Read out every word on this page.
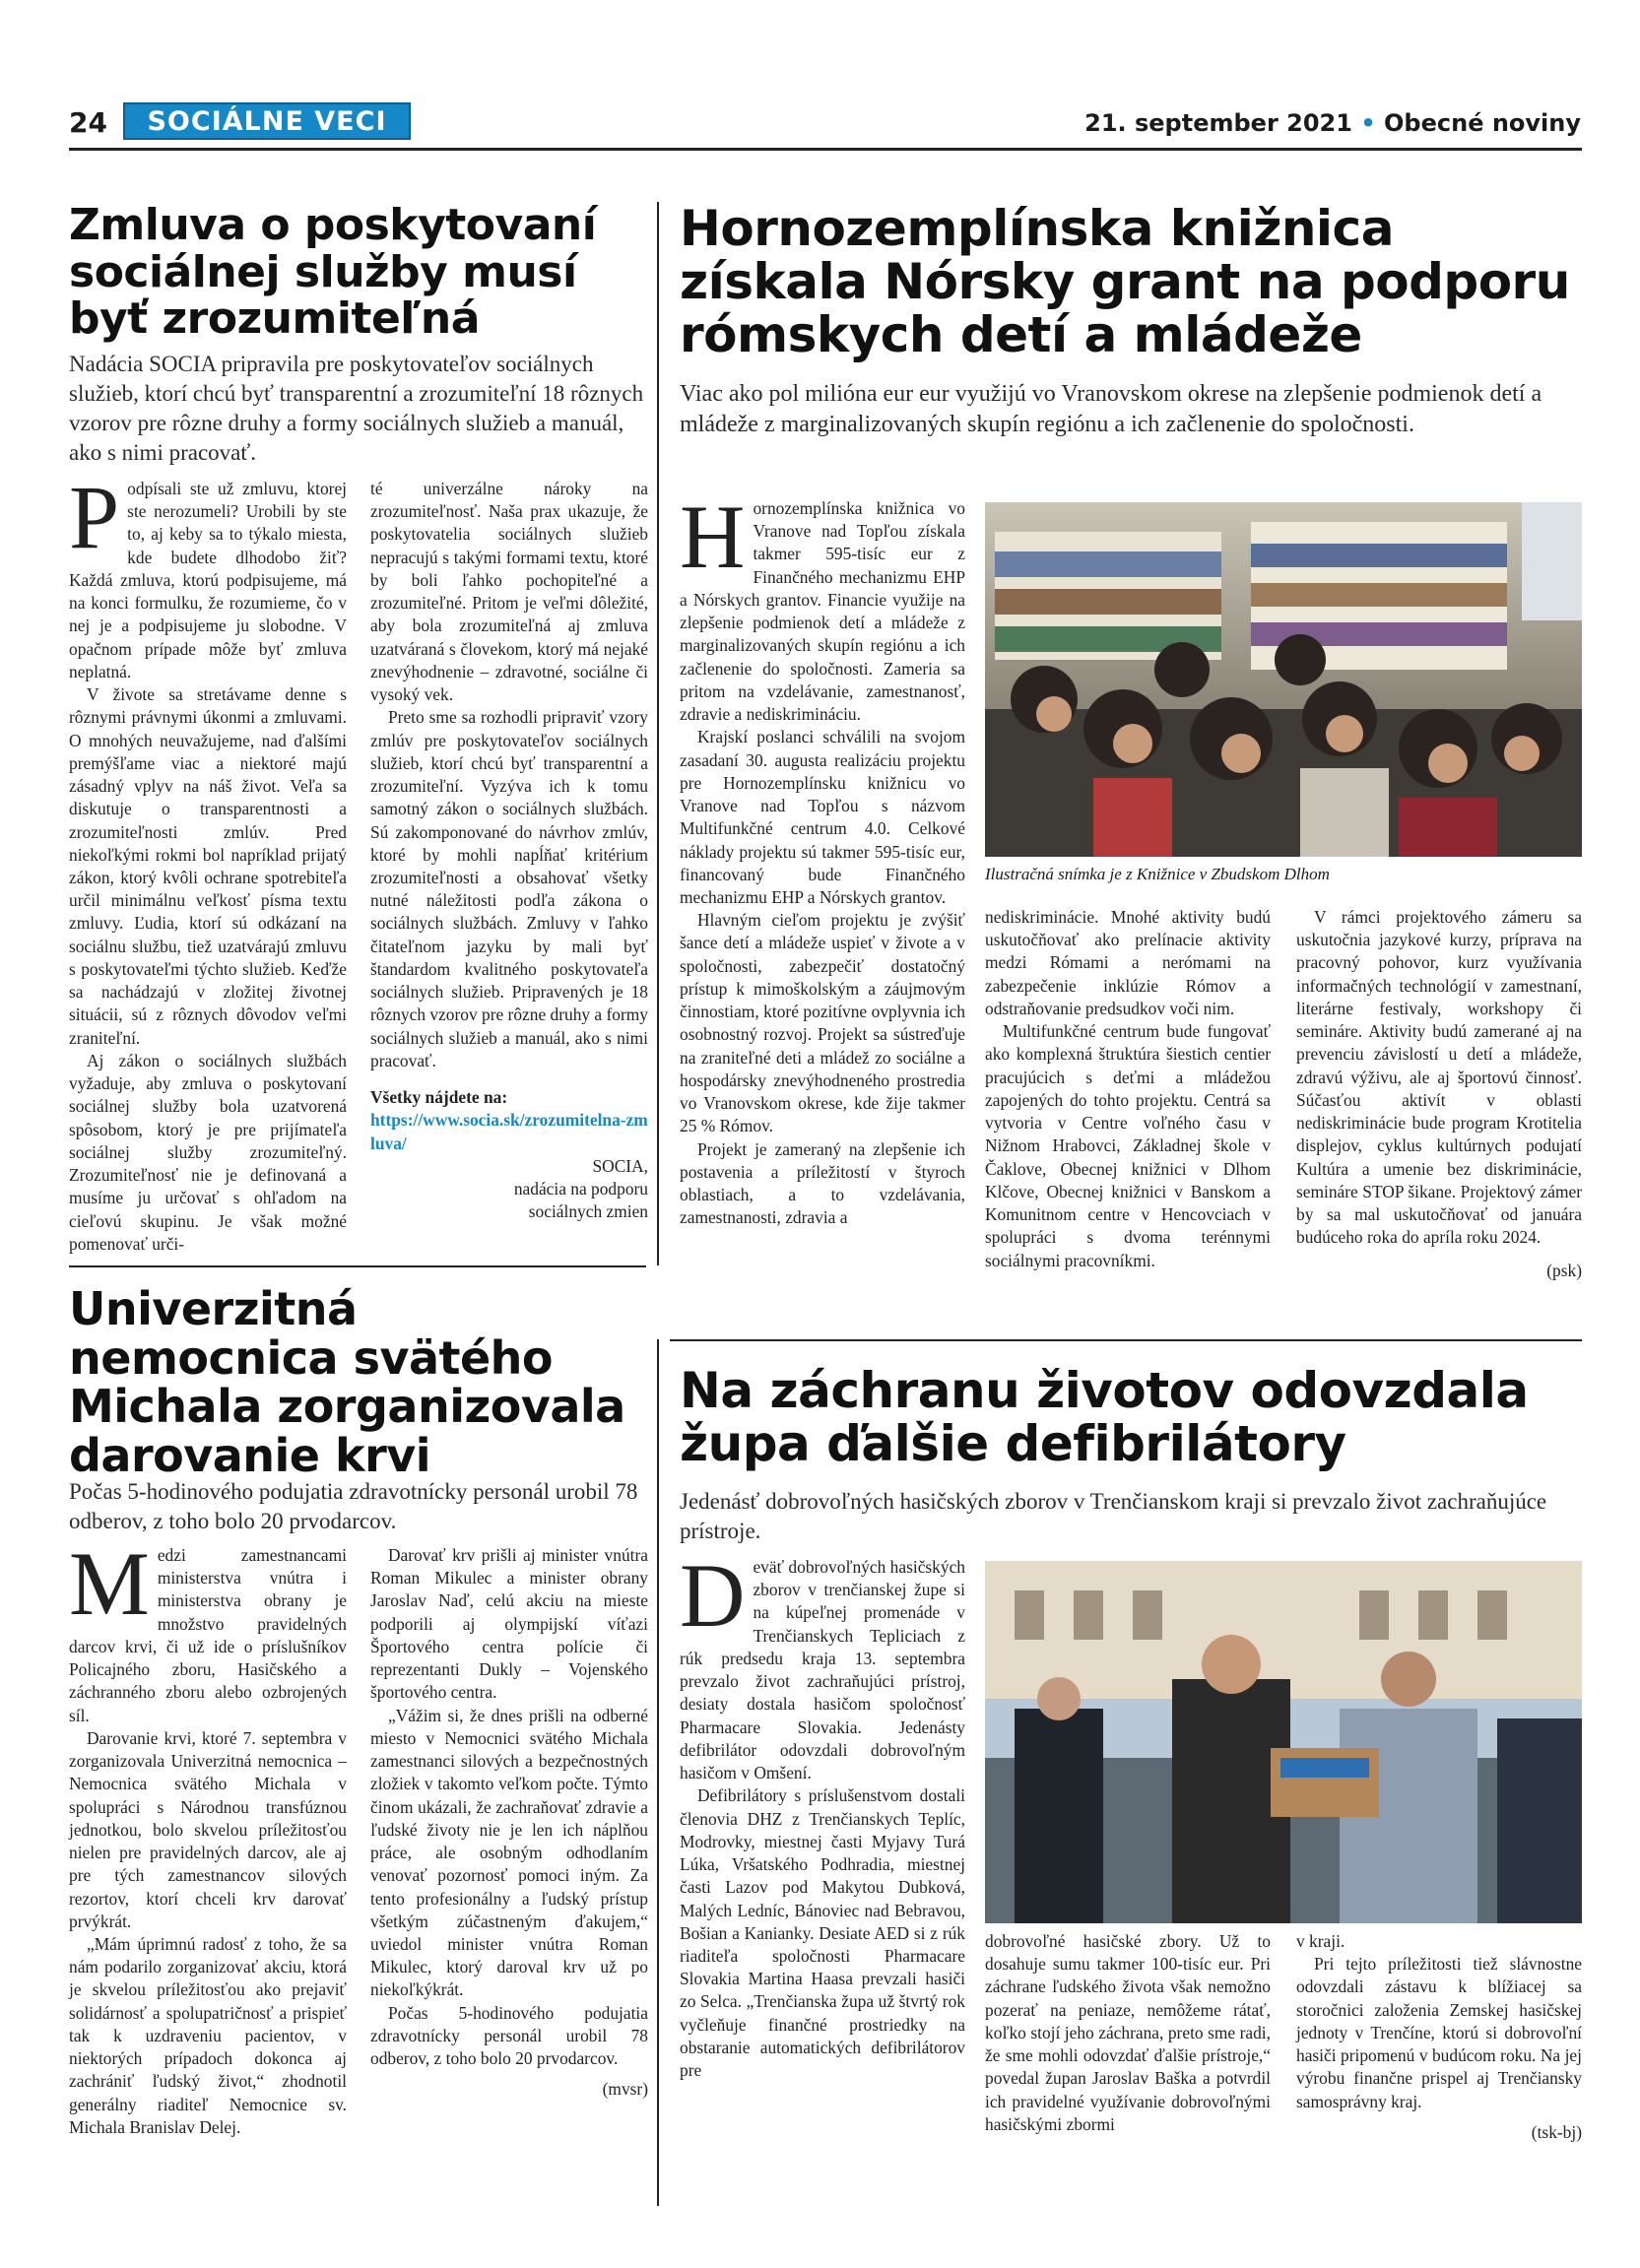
24	SOCIÁLNE VECI	21. september 2021 • Obecné noviny
Zmluva o poskytovaní sociálnej služby musí byť zrozumiteľná
Nadácia SOCIA pripravila pre poskytovateľov sociálnych služieb, ktorí chcú byť transparentní a zrozumiteľní 18 rôznych vzorov pre rôzne druhy a formy sociálnych služieb a manuál, ako s nimi pracovať.

Podpísali ste už zmluvu, ktorej ste nerozumeli? Urobili by ste to, aj keby sa to týkalo miesta, kde budete dlhodobo žiť? Každá zmluva, ktorú podpisujeme, má na konci formulku, že rozumieme, čo v nej je a podpisujeme ju slobodne. V opačnom prípade môže byť zmluva neplatná.

V živote sa stretávame denne s rôznymi právnymi úkonmi a zmluvami. O mnohých neuvažujeme, nad ďalšími premýšľame viac a niektoré majú zásadný vplyv na náš život. Veľa sa diskutuje o transparentnosti a zrozumiteľnosti zmlúv. Pred niekoľkými rokmi bol napríklad prijatý zákon, ktorý kvôli ochrane spotrebiteľa určil minimálnu veľkosť písma textu zmluvy. Ľudia, ktorí sú odkázaní na sociálnu službu, tiež uzatvárajú zmluvu s poskytovateľmi týchto služieb. Keďže sa nachádzajú v zložitej životnej situácii, sú z rôznych dôvodov veľmi zraniteľní.

Aj zákon o sociálnych službách vyžaduje, aby zmluva o poskytovaní sociálnej služby bola uzatvorená spôsobom, ktorý je pre prijímateľa sociálnej služby zrozumiteľný. Zrozumiteľnosť nie je definovaná a musíme ju určovať s ohľadom na cieľovú skupinu. Je však možné pomenovať urči-

té univerzálne nároky na zrozumiteľnosť. Naša prax ukazuje, že poskytovatelia sociálnych služieb nepracujú s takými formami textu, ktoré by boli ľahko pochopiteľné a zrozumiteľné. Pritom je veľmi dôležité, aby bola zrozumiteľná aj zmluva uzatváraná s človekom, ktorý má nejaké znevýhodnenie – zdravotné, sociálne či vysoký vek.

Preto sme sa rozhodli pripraviť vzory zmlúv pre poskytovateľov sociálnych služieb, ktorí chcú byť transparentní a zrozumiteľní. Vyzýva ich k tomu samotný zákon o sociálnych službách. Sú zakomponované do návrhov zmlúv, ktoré by mohli napĺňať kritérium zrozumiteľnosti a obsahovať všetky nutné náležitosti podľa zákona o sociálnych službách. Zmluvy v ľahko čitateľnom jazyku by mali byť štandardom kvalitného poskytovateľa sociálnych služieb. Pripravených je 18 rôznych vzorov pre rôzne druhy a formy sociálnych služieb a manuál, ako s nimi pracovať.

Všetky nájdete na:

https://www.socia.sk/zrozumitelna-zmluva/

SOCIA,

nadácia na podporu

sociálnych zmien

Hornozemplínska knižnica získala Nórsky grant na podporu rómskych detí a mládeže
Viac ako pol milióna eur eur využijú vo Vranovskom okrese na zlepšenie podmienok detí a mládeže z marginalizovaných skupín regiónu a ich začlenenie do spoločnosti.

Hornozemplínska knižnica vo Vranove nad Topľou získala takmer 595-tisíc eur z Finančného mechanizmu EHP a Nórskych grantov. Financie využije na zlepšenie podmienok detí a mládeže z marginalizovaných skupín regiónu a ich začlenenie do spoločnosti. Zameria sa pritom na vzdelávanie, zamestnanosť, zdravie a nediskrimináciu.

Krajskí poslanci schválili na svojom zasadaní 30. augusta realizáciu projektu pre Hornozemplínsku knižnicu vo Vranove nad Topľou s názvom Multifunkčné centrum 4.0. Celkové náklady projektu sú takmer 595-tisíc eur, financovaný bude Finančného mechanizmu EHP a Nórskych grantov.

Hlavným cieľom projektu je zvýšiť šance detí a mládeže uspieť v živote a v spoločnosti, zabezpečiť dostatočný prístup k mimoškolským a záujmovým činnostiam, ktoré pozitívne ovplyvnia ich osobnostný rozvoj. Projekt sa sústreďuje na zraniteľné deti a mládež zo sociálne a hospodársky znevýhodneného prostredia vo Vranovskom okrese, kde žije takmer 25 % Rómov.

Projekt je zameraný na zlepšenie ich postavenia a príležitostí v štyroch oblastiach, a to vzdelávania, zamestnanosti, zdravia a

Ilustračná snímka je z Knižnice v Zbudskom Dlhom

nediskriminácie. Mnohé aktivity budú uskutočňovať ako prelínacie aktivity medzi Rómami a nerómami na zabezpečenie inklúzie Rómov a odstraňovanie predsudkov voči nim.

Multifunkčné centrum bude fungovať ako komplexná štruktúra šiestich centier pracujúcich s deťmi a mládežou zapojených do tohto projektu. Centrá sa vytvoria v Centre voľného času v Nižnom Hrabovci, Základnej škole v Čaklove, Obecnej knižnici v Dlhom Klčove, Obecnej knižnici v Banskom a Komunitnom centre v Hencovciach v spolupráci s dvoma terénnymi sociálnymi pracovníkmi.

V rámci projektového zámeru sa uskutočnia jazykové kurzy, príprava na pracovný pohovor, kurz využívania informačných technológií v zamestnaní, literárne festivaly, workshopy či semináre. Aktivity budú zamerané aj na prevenciu závislostí u detí a mládeže, zdravú výživu, ale aj športovú činnosť. Súčasťou aktivít v oblasti nediskriminácie bude program Krotitelia displejov, cyklus kultúrnych podujatí Kultúra a umenie bez diskriminácie, semináre STOP šikane. Projektový zámer by sa mal uskutočňovať od januára budúceho roka do apríla roku 2024.

(psk)

Univerzitná nemocnica svätého Michala zorganizovala darovanie krvi
Počas 5-hodinového podujatia zdravotnícky personál urobil 78 odberov, z toho bolo 20 prvodarcov.

Medzi zamestnancami ministerstva vnútra i ministerstva obrany je množstvo pravidelných darcov krvi, či už ide o príslušníkov Policajného zboru, Hasičského a záchranného zboru alebo ozbrojených síl.

Darovanie krvi, ktoré 7. septembra v zorganizovala Univerzitná nemocnica – Nemocnica svätého Michala v spolupráci s Národnou transfúznou jednotkou, bolo skvelou príležitosťou nielen pre pravidelných darcov, ale aj pre tých zamestnancov silových rezortov, ktorí chceli krv darovať prvýkrát.

„Mám úprimnú radosť z toho, že sa nám podarilo zorganizovať akciu, ktorá je skvelou príležitosťou ako prejaviť solidárnosť a spolupatričnosť a prispieť tak k uzdraveniu pacientov, v niektorých prípadoch dokonca aj zachrániť ľudský život,“ zhodnotil generálny riaditeľ Nemocnice sv. Michala Branislav Delej.

Darovať krv prišli aj minister vnútra Roman Mikulec a minister obrany Jaroslav Naď, celú akciu na mieste podporili aj olympijskí víťazi Športového centra polície či reprezentanti Dukly – Vojenského športového centra.

„Vážim si, že dnes prišli na odberné miesto v Nemocnici svätého Michala zamestnanci silových a bezpečnostných zložiek v takomto veľkom počte. Týmto činom ukázali, že zachraňovať zdravie a ľudské životy nie je len ich náplňou práce, ale osobným odhodlaním venovať pozornosť pomoci iným. Za tento profesionálny a ľudský prístup všetkým zúčastneným ďakujem,“ uviedol minister vnútra Roman Mikulec, ktorý daroval krv už po niekoľkýkrát.

Počas 5-hodinového podujatia zdravotnícky personál urobil 78 odberov, z toho bolo 20 prvodarcov.

(mvsr)

Na záchranu životov odovzdala župa ďalšie defibrilátory
Jedenásť dobrovoľných hasičských zborov v Trenčianskom kraji si prevzalo život zachraňujúce prístroje.

Deväť dobrovoľných hasičských zborov v trenčianskej župe si na kúpeľnej promenáde v Trenčianskych Tepliciach z rúk predsedu kraja 13. septembra prevzalo život zachraňujúci prístroj, desiaty dostala hasičom spoločnosť Pharmacare Slovakia. Jedenásty defibrilátor odovzdali dobrovoľným hasičom v Omšení.

Defibrilátory s príslušenstvom dostali členovia DHZ z Trenčianskych Teplíc, Modrovky, miestnej časti Myjavy Turá Lúka, Vršatského Podhradia, miestnej časti Lazov pod Makytou Dubková, Malých Ledníc, Bánoviec nad Bebravou, Bošian a Kanianky. Desiate AED si z rúk riaditeľa spoločnosti Pharmacare Slovakia Martina Haasa prevzali hasiči zo Selca. „Trenčianska župa už štvrtý rok vyčleňuje finančné prostriedky na obstaranie automatických defibrilátorov pre

dobrovoľné hasičské zbory. Už to dosahuje sumu takmer 100-tisíc eur. Pri záchrane ľudského života však nemožno pozerať na peniaze, nemôžeme rátať, koľko stojí jeho záchrana, preto sme radi, že sme mohli odovzdať ďalšie prístroje,“ povedal župan Jaroslav Baška a potvrdil ich pravidelné využívanie dobrovoľnými hasičskými zbormi

v kraji.

Pri tejto príležitosti tiež slávnostne odovzdali zástavu k blížiacej sa storočnici založenia Zemskej hasičskej jednoty v Trenčíne, ktorú si dobrovoľní hasiči pripomenú v budúcom roku. Na jej výrobu finančne prispel aj Trenčiansky samosprávny kraj.

(tsk-bj)
